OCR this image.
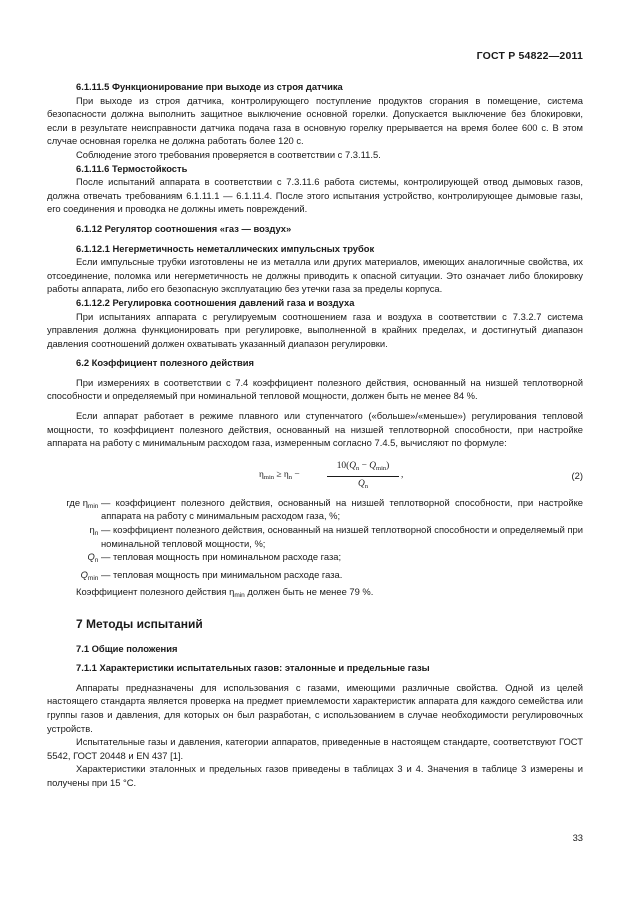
ГОСТ Р 54822—2011

6.1.11.5 Функционирование при выходе из строя датчика

При выходе из строя датчика, контролирующего поступление продуктов сгорания в помещение, система безопасности должна выполнить защитное выключение основной горелки. Допускается выключение без блокировки, если в результате неисправности датчика подача газа в основную горелку прерывается на время более 600 с. В этом случае основная горелка не должна работать более 120 с.

Соблюдение этого требования проверяется в соответствии с 7.3.11.5.

6.1.11.6 Термостойкость

После испытаний аппарата в соответствии с 7.3.11.6 работа системы, контролирующей отвод дымовых газов, должна отвечать требованиям 6.1.11.1 — 6.1.11.4. После этого испытания устройство, контролирующее дымовые газы, его соединения и проводка не должны иметь повреждений.

6.1.12 Регулятор соотношения «газ — воздух»

6.1.12.1 Негерметичность неметаллических импульсных трубок

Если импульсные трубки изготовлены не из металла или других материалов, имеющих аналогичные свойства, их отсоединение, поломка или негерметичность не должны приводить к опасной ситуации. Это означает либо блокировку работы аппарата, либо его безопасную эксплуатацию без утечки газа за пределы корпуса.

6.1.12.2 Регулировка соотношения давлений газа и воздуха

При испытаниях аппарата с регулируемым соотношением газа и воздуха в соответствии с 7.3.2.7 система управления должна функционировать при регулировке, выполненной в крайних пределах, и достигнутый диапазон давления соотношений должен охватывать указанный диапазон регулировки.

6.2 Коэффициент полезного действия

При измерениях в соответствии с 7.4 коэффициент полезного действия, основанный на низшей теплотворной способности и определяемый при номинальной тепловой мощности, должен быть не менее 84 %.

Если аппарат работает в режиме плавного или ступенчатого («больше»/«меньше») регулирования тепловой мощности, то коэффициент полезного действия, основанный на низшей теплотворной способности, при настройке аппарата на работу с минимальным расходом газа, измеренным согласно 7.4.5, вычисляют по формуле:

$\eta_{min} \ge \eta_n$ −
$10(Q_n - Q_{min})$
$Q_n$
,	(2)
где $\eta_{min}$ — коэффициент полезного действия, основанный на низшей теплотворной способности, при настройке аппарата на работу с минимальным расходом газа, %;
$\eta_n$ — коэффициент полезного действия, основанный на низшей теплотворной способности и определяемый при номинальной тепловой мощности, %;
$Q_n$ — тепловая мощность при номинальном расходе газа;
$Q_{min}$ — тепловая мощность при минимальном расходе газа.

Коэффициент полезного действия $\eta_{min}$ должен быть не менее 79 %.

7 Методы испытаний

7.1 Общие положения

7.1.1 Характеристики испытательных газов: эталонные и предельные газы

Аппараты предназначены для использования с газами, имеющими различные свойства. Одной из целей настоящего стандарта является проверка на предмет приемлемости характеристик аппарата для каждого семейства или группы газов и давления, для которых он был разработан, с использованием в случае необходимости регулировочных устройств.

Испытательные газы и давления, категории аппаратов, приведенные в настоящем стандарте, соответствуют ГОСТ 5542, ГОСТ 20448 и EN 437 [1].

Характеристики эталонных и предельных газов приведены в таблицах 3 и 4. Значения в таблице 3 измерены и получены при 15 °C.

33
